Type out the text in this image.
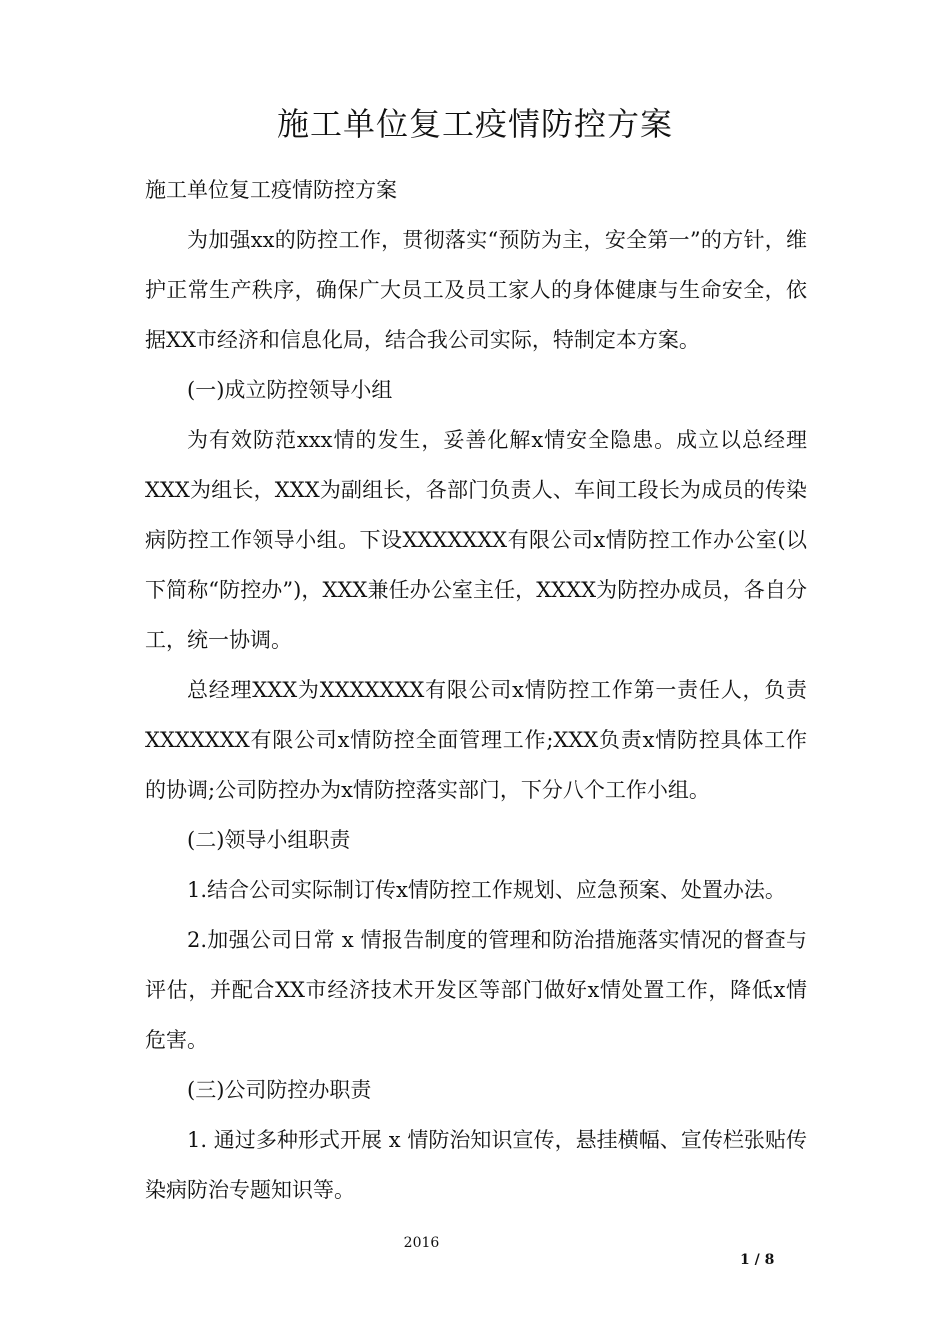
施工单位复工疫情防控方案

施工单位复工疫情防控方案

为加强xx的防控工作，贯彻落实“预防为主，安全第一”的方针，维护正常生产秩序，确保广大员工及员工家人的身体健康与生命安全，依据XX市经济和信息化局，结合我公司实际，特制定本方案。

(一)成立防控领导小组

为有效防范xxx情的发生，妥善化解x情安全隐患。成立以总经理XXX为组长，XXX为副组长，各部门负责人、车间工段长为成员的传染病防控工作领导小组。下设XXXXXXX有限公司x情防控工作办公室(以下简称“防控办”)，XXX兼任办公室主任，XXXX为防控办成员，各自分工，统一协调。

总经理XXX为XXXXXXX有限公司x情防控工作第一责任人，负责XXXXXXX有限公司x情防控全面管理工作;XXX负责x情防控具体工作的协调;公司防控办为x情防控落实部门，下分八个工作小组。

(二)领导小组职责

1.结合公司实际制订传x情防控工作规划、应急预案、处置办法。

2.加强公司日常 x 情报告制度的管理和防治措施落实情况的督查与评估，并配合XX市经济技术开发区等部门做好x情处置工作，降低x情危害。

(三)公司防控办职责

1. 通过多种形式开展 x 情防治知识宣传，悬挂横幅、宣传栏张贴传染病防治专题知识等。

2016
1 / 8
